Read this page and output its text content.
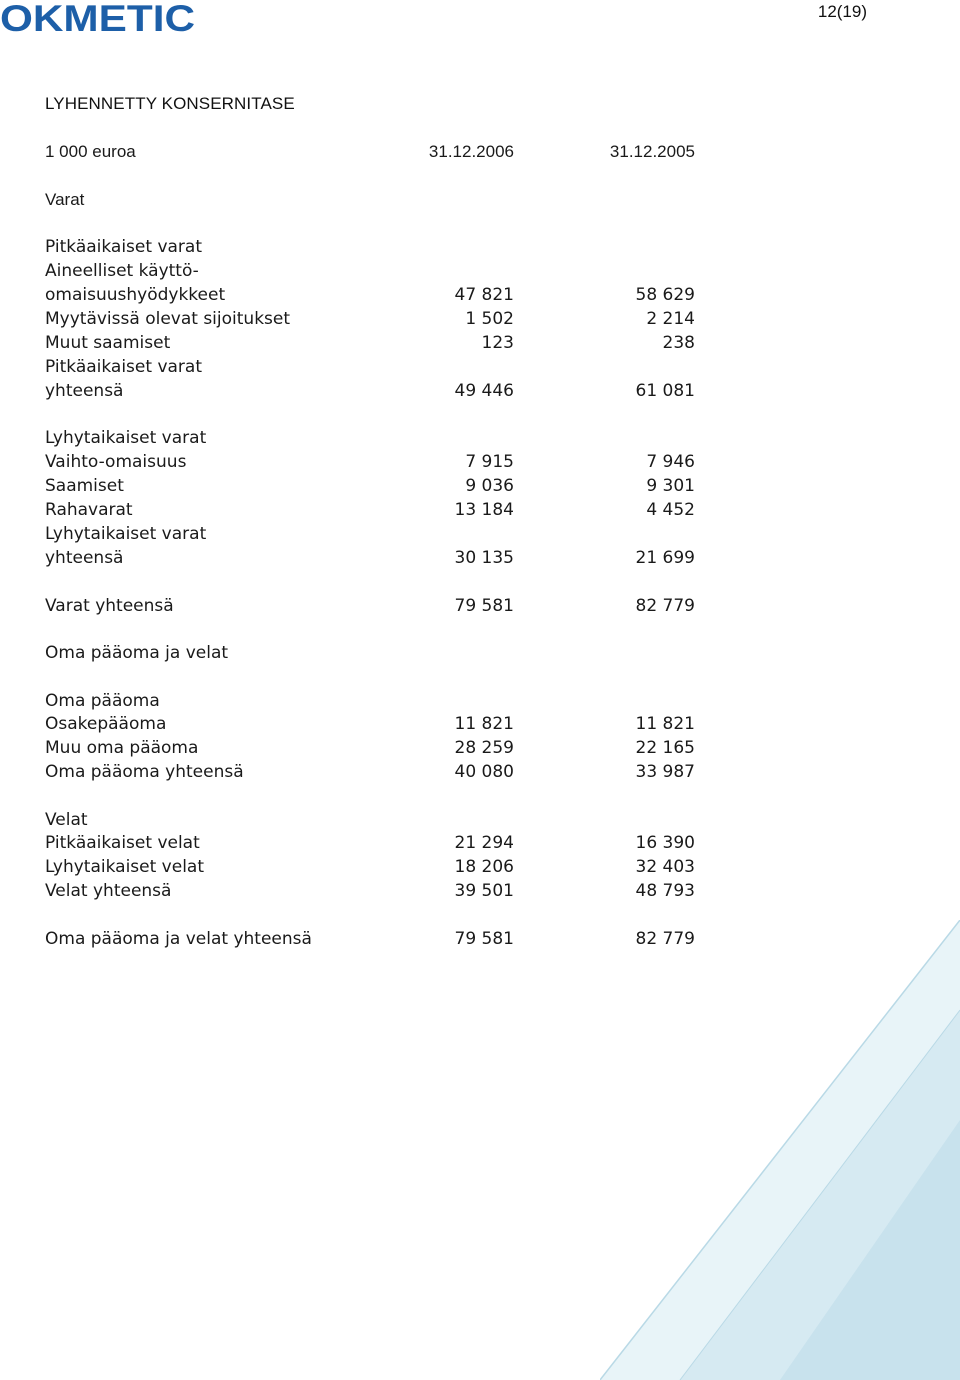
OKMETIC	12(19)
LYHENNETTY KONSERNITASE
1 000 euroa	31.12.2006	31.12.2005
Varat
Pitkäaikaiset varat
Aineelliset käyttö-
omaisuushyödykkeet	47 821	58 629
Myytävissä olevat sijoitukset	1 502	2 214
Muut saamiset	123	238
Pitkäaikaiset varat
yhteensä	49 446	61 081
Lyhytaikaiset varat
Vaihto-omaisuus	7 915	7 946
Saamiset	9 036	9 301
Rahavarat	13 184	4 452
Lyhytaikaiset varat
yhteensä	30 135	21 699
Varat yhteensä	79 581	82 779
Oma pääoma ja velat
Oma pääoma
Osakepääoma	11 821	11 821
Muu oma pääoma	28 259	22 165
Oma pääoma yhteensä	40 080	33 987
Velat
Pitkäaikaiset velat	21 294	16 390
Lyhytaikaiset velat	18 206	32 403
Velat yhteensä	39 501	48 793
Oma pääoma ja velat yhteensä	79 581	82 779
